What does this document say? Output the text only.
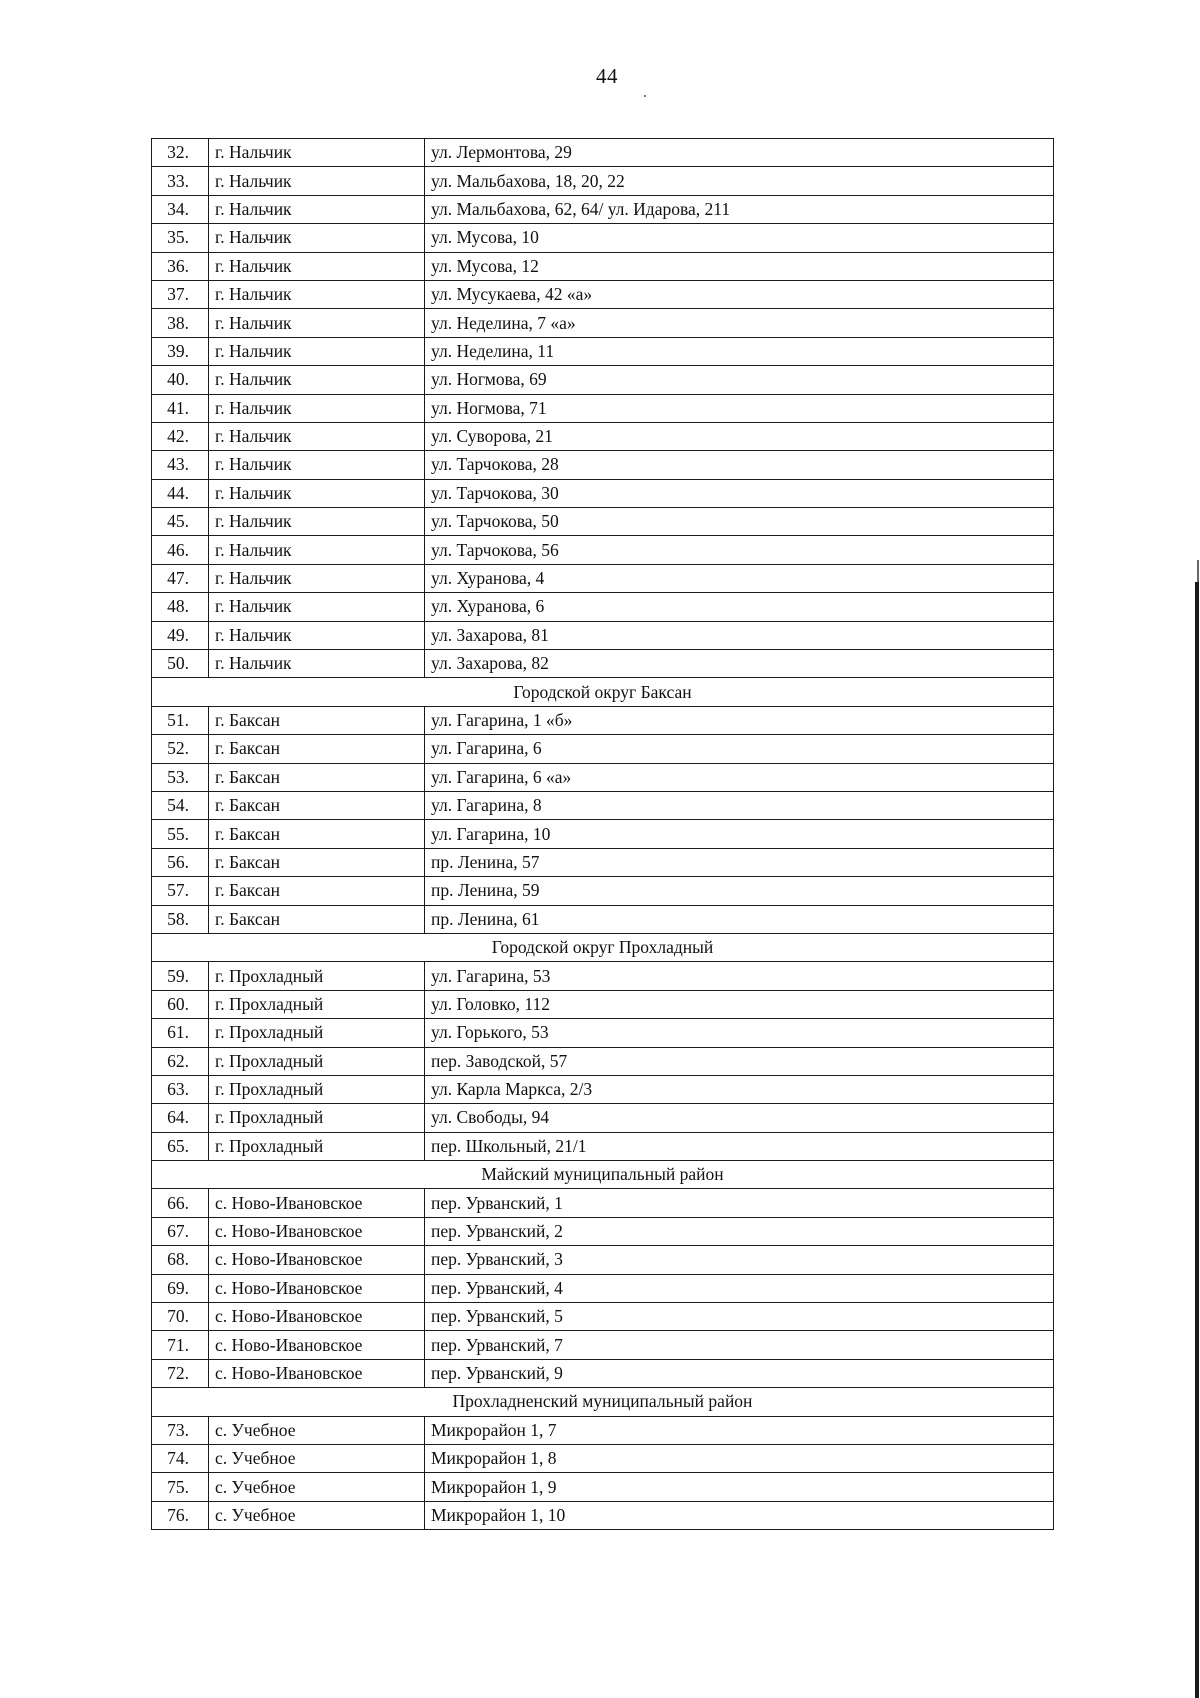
44
32.	г. Нальчик	ул. Лермонтова, 29
33.	г. Нальчик	ул. Мальбахова, 18, 20, 22
34.	г. Нальчик	ул. Мальбахова, 62, 64/ ул. Идарова, 211
35.	г. Нальчик	ул. Мусова, 10
36.	г. Нальчик	ул. Мусова, 12
37.	г. Нальчик	ул. Мусукаева, 42 «а»
38.	г. Нальчик	ул. Неделина, 7 «а»
39.	г. Нальчик	ул. Неделина, 11
40.	г. Нальчик	ул. Ногмова, 69
41.	г. Нальчик	ул. Ногмова, 71
42.	г. Нальчик	ул. Суворова, 21
43.	г. Нальчик	ул. Тарчокова, 28
44.	г. Нальчик	ул. Тарчокова, 30
45.	г. Нальчик	ул. Тарчокова, 50
46.	г. Нальчик	ул. Тарчокова, 56
47.	г. Нальчик	ул. Хуранова, 4
48.	г. Нальчик	ул. Хуранова, 6
49.	г. Нальчик	ул. Захарова, 81
50.	г. Нальчик	ул. Захарова, 82
Городской округ Баксан		
51.	г. Баксан	ул. Гагарина, 1 «б»
52.	г. Баксан	ул. Гагарина, 6
53.	г. Баксан	ул. Гагарина, 6 «а»
54.	г. Баксан	ул. Гагарина, 8
55.	г. Баксан	ул. Гагарина, 10
56.	г. Баксан	пр. Ленина, 57
57.	г. Баксан	пр. Ленина, 59
58.	г. Баксан	пр. Ленина, 61
Городской округ Прохладный		
59.	г. Прохладный	ул. Гагарина, 53
60.	г. Прохладный	ул. Головко, 112
61.	г. Прохладный	ул. Горького, 53
62.	г. Прохладный	пер. Заводской, 57
63.	г. Прохладный	ул. Карла Маркса, 2/3
64.	г. Прохладный	ул. Свободы, 94
65.	г. Прохладный	пер. Школьный, 21/1
Майский муниципальный район		
66.	с. Ново-Ивановское	пер. Урванский, 1
67.	с. Ново-Ивановское	пер. Урванский, 2
68.	с. Ново-Ивановское	пер. Урванский, 3
69.	с. Ново-Ивановское	пер. Урванский, 4
70.	с. Ново-Ивановское	пер. Урванский, 5
71.	с. Ново-Ивановское	пер. Урванский, 7
72.	с. Ново-Ивановское	пер. Урванский, 9
Прохладненский муниципальный район		
73.	с. Учебное	Микрорайон 1, 7
74.	с. Учебное	Микрорайон 1, 8
75.	с. Учебное	Микрорайон 1, 9
76.	с. Учебное	Микрорайон 1, 10
